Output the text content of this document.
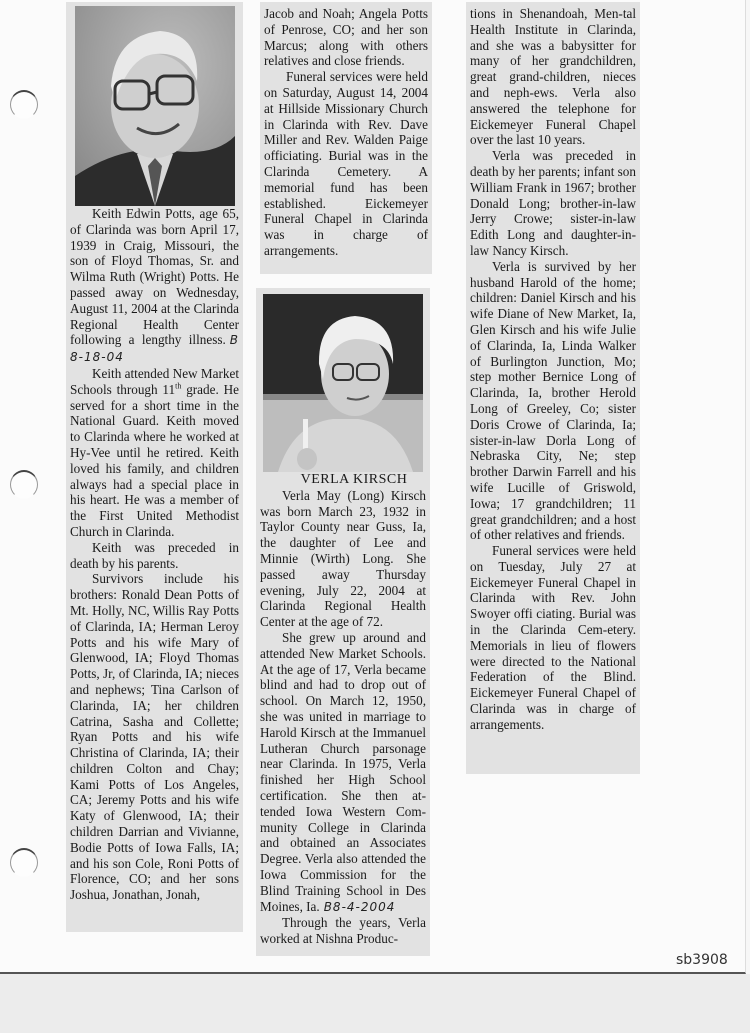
Keith Edwin Potts, age 65, of Clarinda was born April 17, 1939 in Craig, Missouri, the son of Floyd Thomas, Sr. and Wilma Ruth (Wright) Potts. He passed away on Wednesday, August 11, 2004 at the Clarinda Regional Health Center following a lengthy illness. B 8-18-04

Keith attended New Market Schools through 11th grade. He served for a short time in the National Guard. Keith moved to Clarinda where he worked at Hy-Vee until he retired. Keith loved his family, and children always had a special place in his heart. He was a member of the First United Methodist Church in Clarinda.

Keith was preceded in death by his parents.

Survivors include his brothers: Ronald Dean Potts of Mt. Holly, NC, Willis Ray Potts of Clarinda, IA; Herman Leroy Potts and his wife Mary of Glenwood, IA; Floyd Thomas Potts, Jr, of Clarinda, IA; nieces and nephews; Tina Carlson of Clarinda, IA; her children Catrina, Sasha and Collette; Ryan Potts and his wife Christina of Clarinda, IA; their children Colton and Chay; Kami Potts of Los Angeles, CA; Jeremy Potts and his wife Katy of Glenwood, IA; their children Darrian and Vivianne, Bodie Potts of Iowa Falls, IA; and his son Cole, Roni Potts of Florence, CO; and her sons Joshua, Jonathan, Jonah,

Jacob and Noah; Angela Potts of Penrose, CO; and her son Marcus; along with others relatives and close friends.

Funeral services were held on Saturday, August 14, 2004 at Hillside Missionary Church in Clarinda with Rev. Dave Miller and Rev. Walden Paige officiating. Burial was in the Clarinda Cemetery. A memorial fund has been established. Eickemeyer Funeral Chapel in Clarinda was in charge of arrangements.

VERLA KIRSCH

Verla May (Long) Kirsch was born March 23, 1932 in Taylor County near Guss, Ia, the daughter of Lee and Minnie (Wirth) Long. She passed away Thursday evening, July 22, 2004 at Clarinda Regional Health Center at the age of 72.

She grew up around and attended New Market Schools. At the age of 17, Verla became blind and had to drop out of school. On March 12, 1950, she was united in marriage to Harold Kirsch at the Immanuel Lutheran Church parsonage near Clarinda. In 1975, Verla finished her High School certification. She then at-tended Iowa Western Com-munity College in Clarinda and obtained an Associates Degree. Verla also attended the Iowa Commission for the Blind Training School in Des Moines, Ia. B8-4-2004

Through the years, Verla worked at Nishna Produc-

tions in Shenandoah, Men-tal Health Institute in Clarinda, and she was a babysitter for many of her grandchildren, great grand-children, nieces and neph-ews. Verla also answered the telephone for Eickemeyer Funeral Chapel over the last 10 years.

Verla was preceded in death by her parents; infant son William Frank in 1967; brother Donald Long; brother-in-law Jerry Crowe; sister-in-law Edith Long and daughter-in-law Nancy Kirsch.

Verla is survived by her husband Harold of the home; children: Daniel Kirsch and his wife Diane of New Market, Ia, Glen Kirsch and his wife Julie of Clarinda, Ia, Linda Walker of Burlington Junction, Mo; step mother Bernice Long of Clarinda, Ia, brother Herold Long of Greeley, Co; sister Doris Crowe of Clarinda, Ia; sister-in-law Dorla Long of Nebraska City, Ne; step brother Darwin Farrell and his wife Lucille of Griswold, Iowa; 17 grandchildren; 11 great grandchildren; and a host of other relatives and friends.

Funeral services were held on Tuesday, July 27 at Eickemeyer Funeral Chapel in Clarinda with Rev. John Swoyer offi ciating. Burial was in the Clarinda Cem-etery. Memorials in lieu of flowers were directed to the National Federation of the Blind. Eickemeyer Funeral Chapel of Clarinda was in charge of arrangements.

sb3908
